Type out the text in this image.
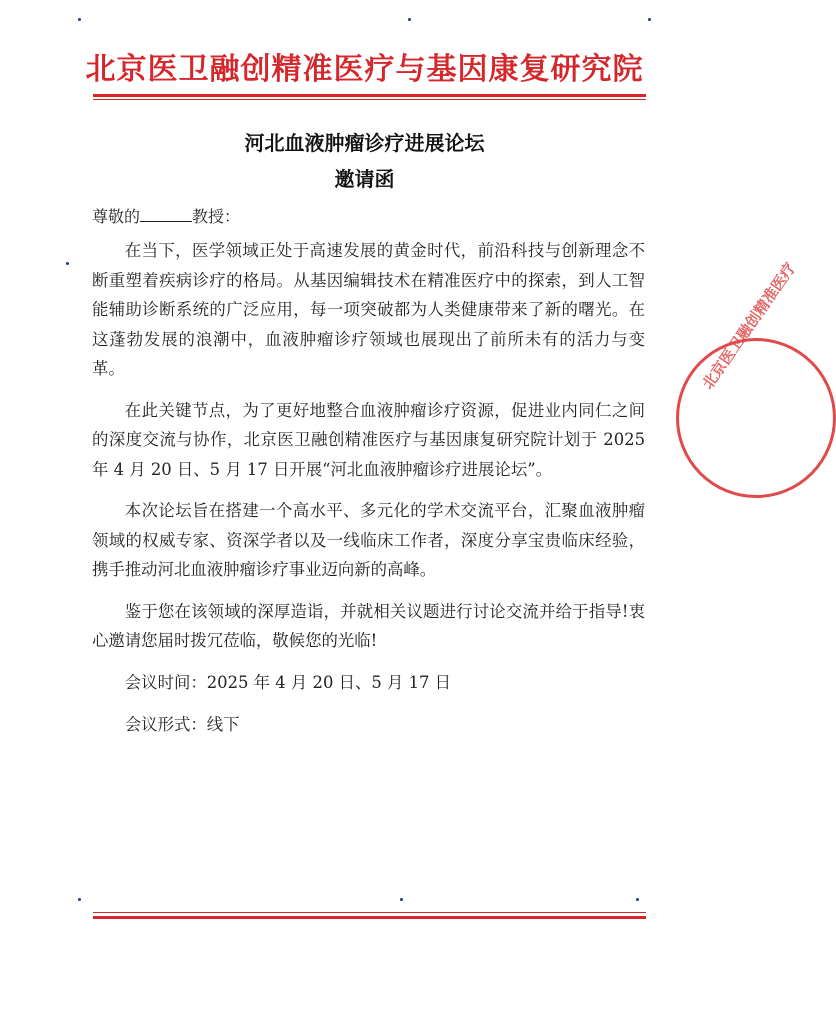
北京医卫融创精准医疗与基因康复研究院
河北血液肿瘤诊疗进展论坛
邀请函
尊敬的	教授：

在当下，医学领域正处于高速发展的黄金时代，前沿科技与创新理念不断重塑着疾病诊疗的格局。从基因编辑技术在精准医疗中的探索，到人工智能辅助诊断系统的广泛应用，每一项突破都为人类健康带来了新的曙光。在这蓬勃发展的浪潮中，血液肿瘤诊疗领域也展现出了前所未有的活力与变革。

在此关键节点，为了更好地整合血液肿瘤诊疗资源，促进业内同仁之间的深度交流与协作，北京医卫融创精准医疗与基因康复研究院计划于 2025 年 4 月 20 日、5 月 17 日开展“河北血液肿瘤诊疗进展论坛”。

本次论坛旨在搭建一个高水平、多元化的学术交流平台，汇聚血液肿瘤领域的权威专家、资深学者以及一线临床工作者，深度分享宝贵临床经验，携手推动河北血液肿瘤诊疗事业迈向新的高峰。

鉴于您在该领域的深厚造诣，并就相关议题进行讨论交流并给于指导!衷心邀请您届时拨冗莅临，敬候您的光临!

会议时间：2025 年 4 月 20 日、5 月 17 日

会议形式：线下

北京医卫融创精准医疗
